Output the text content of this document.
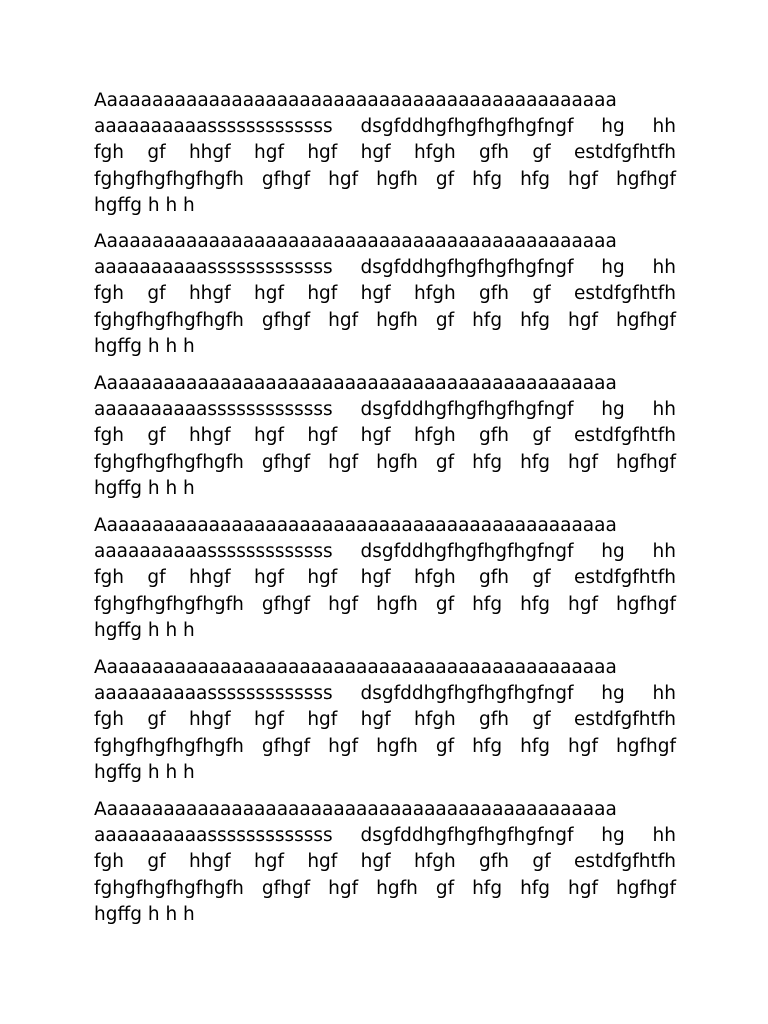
Aaaaaaaaaaaaaaaaaaaaaaaaaaaaaaaaaaaaaaaaaaaaaa
aaaaaaaaaasssssssssssss dsgfddhgfhgfhgfhgfngf hg hh
fgh gf hhgf hgf hgf hgf hfgh gfh gf estdfgfhtfh
fghgfhgfhgfhgfh gfhgf hgf hgfh gf hfg hfg hgf hgfhgf
hgffg h h h
Aaaaaaaaaaaaaaaaaaaaaaaaaaaaaaaaaaaaaaaaaaaaaa
aaaaaaaaaasssssssssssss dsgfddhgfhgfhgfhgfngf hg hh
fgh gf hhgf hgf hgf hgf hfgh gfh gf estdfgfhtfh
fghgfhgfhgfhgfh gfhgf hgf hgfh gf hfg hfg hgf hgfhgf
hgffg h h h
Aaaaaaaaaaaaaaaaaaaaaaaaaaaaaaaaaaaaaaaaaaaaaa
aaaaaaaaaasssssssssssss dsgfddhgfhgfhgfhgfngf hg hh
fgh gf hhgf hgf hgf hgf hfgh gfh gf estdfgfhtfh
fghgfhgfhgfhgfh gfhgf hgf hgfh gf hfg hfg hgf hgfhgf
hgffg h h h
Aaaaaaaaaaaaaaaaaaaaaaaaaaaaaaaaaaaaaaaaaaaaaa
aaaaaaaaaasssssssssssss dsgfddhgfhgfhgfhgfngf hg hh
fgh gf hhgf hgf hgf hgf hfgh gfh gf estdfgfhtfh
fghgfhgfhgfhgfh gfhgf hgf hgfh gf hfg hfg hgf hgfhgf
hgffg h h h
Aaaaaaaaaaaaaaaaaaaaaaaaaaaaaaaaaaaaaaaaaaaaaa
aaaaaaaaaasssssssssssss dsgfddhgfhgfhgfhgfngf hg hh
fgh gf hhgf hgf hgf hgf hfgh gfh gf estdfgfhtfh
fghgfhgfhgfhgfh gfhgf hgf hgfh gf hfg hfg hgf hgfhgf
hgffg h h h
Aaaaaaaaaaaaaaaaaaaaaaaaaaaaaaaaaaaaaaaaaaaaaa
aaaaaaaaaasssssssssssss dsgfddhgfhgfhgfhgfngf hg hh
fgh gf hhgf hgf hgf hgf hfgh gfh gf estdfgfhtfh
fghgfhgfhgfhgfh gfhgf hgf hgfh gf hfg hfg hgf hgfhgf
hgffg h h h
